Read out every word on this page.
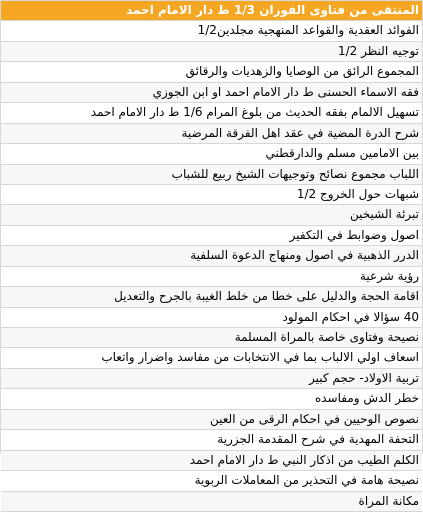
المنتقى من فتاوى الفوزان 1/3 ط دار الامام احمد
الفوائد العقدية والقواعد المنهجية مجلدين1/2
توجيه النظر 1/2
المجموع الرائق من الوصايا والزهديات والرقائق
فقه الاسماء الحسنى ط دار الامام احمد او ابن الجوزي
تسهيل الالمام بفقه الحديث من بلوغ المرام 1/6 ط دار الامام احمد
شرح الدرة المضية في عقد اهل الفرقة المرضية
بين الامامين مسلم والدارقطني
اللباب مجموع نصائح وتوجيهات الشيخ ربيع للشباب
شبهات حول الخروج 1/2
تبرئة الشيخين
اصول وضوابط في التكفير
الدرر الذهبية في اصول ومنهاج الدعوة السلفية
رؤية شرعية
اقامة الحجة والدليل على خطا من خلط الغيبة بالجرح والتعديل
40 سؤالا في احكام المولود
نصيحة وفتاوى خاصة بالمراة المسلمة
اسعاف اولي الالباب بما في الانتخابات من مفاسد واضرار واتعاب
تربية الاولاد- حجم كبير
خطر الدش ومفاسده
نصوص الوحيين في احكام الرقى من العين
التحفة المهدية في شرح المقدمة الجزرية
الكلم الطيب من اذكار النبي ط دار الامام احمد
نصيحة هامة في التحذير من المعاملات الربوية
مكانة المراة
